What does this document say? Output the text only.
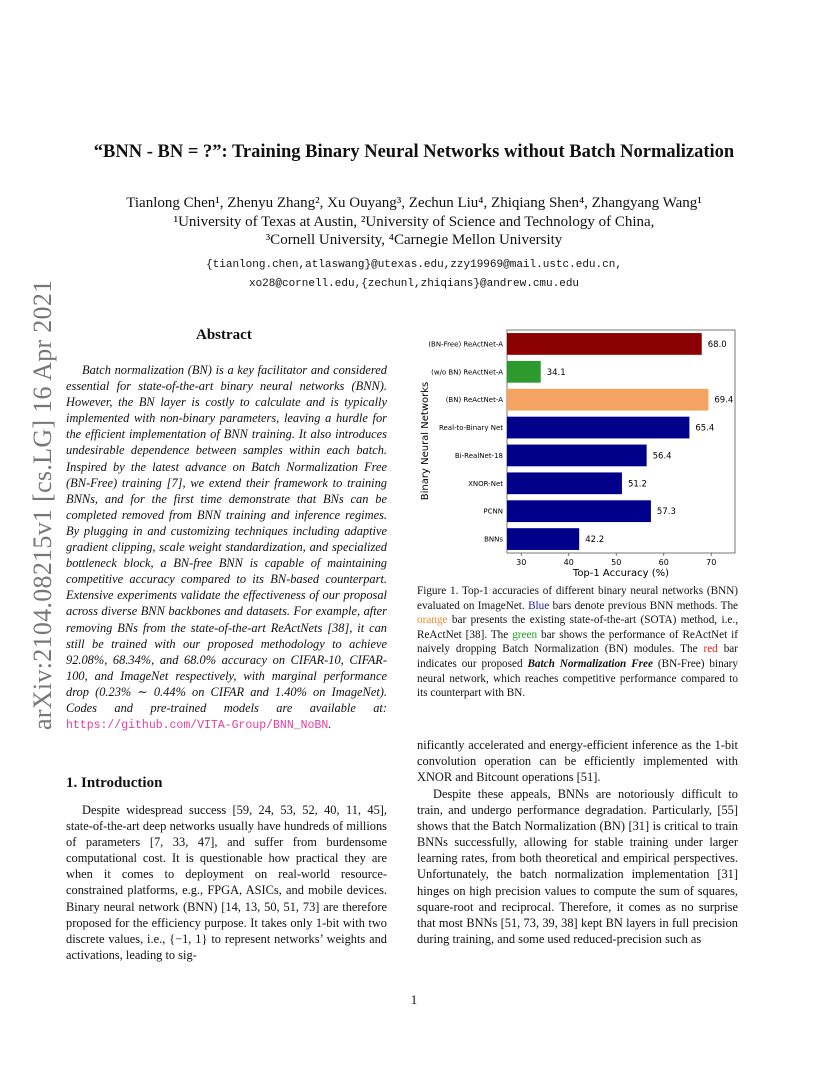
“BNN - BN = ?”: Training Binary Neural Networks without Batch Normalization
Tianlong Chen¹, Zhenyu Zhang², Xu Ouyang³, Zechun Liu⁴, Zhiqiang Shen⁴, Zhangyang Wang¹
¹University of Texas at Austin, ²University of Science and Technology of China,
³Cornell University, ⁴Carnegie Mellon University
{tianlong.chen,atlaswang}@utexas.edu,zzy19969@mail.ustc.edu.cn,
xo28@cornell.edu,{zechunl,zhiqians}@andrew.cmu.edu
arXiv:2104.08215v1 [cs.LG] 16 Apr 2021	Abstract
Batch normalization (BN) is a key facilitator and considered essential for state-of-the-art binary neural networks (BNN). However, the BN layer is costly to calculate and is typically implemented with non-binary parameters, leaving a hurdle for the efficient implementation of BNN training. It also introduces undesirable dependence between samples within each batch. Inspired by the latest advance on Batch Normalization Free (BN-Free) training [7], we extend their framework to training BNNs, and for the first time demonstrate that BNs can be completed removed from BNN training and inference regimes. By plugging in and customizing techniques including adaptive gradient clipping, scale weight standardization, and specialized bottleneck block, a BN-free BNN is capable of maintaining competitive accuracy compared to its BN-based counterpart. Extensive experiments validate the effectiveness of our proposal across diverse BNN backbones and datasets. For example, after removing BNs from the state-of-the-art ReActNets [38], it can still be trained with our proposed methodology to achieve 92.08%, 68.34%, and 68.0% accuracy on CIFAR-10, CIFAR-100, and ImageNet respectively, with marginal performance drop (0.23% ∼ 0.44% on CIFAR and 1.40% on ImageNet). Codes and pre-trained models are available at: https://github.com/VITA-Group/BNN_NoBN.
1. Introduction
Despite widespread success [59, 24, 53, 52, 40, 11, 45], state-of-the-art deep networks usually have hundreds of millions of parameters [7, 33, 47], and suffer from burdensome computational cost. It is questionable how practical they are when it comes to deployment on real-world resource-constrained platforms, e.g., FPGA, ASICs, and mobile devices. Binary neural network (BNN) [14, 13, 50, 51, 73] are therefore proposed for the efficiency purpose. It takes only 1-bit with two discrete values, i.e., {−1, 1} to represent networks’ weights and activations, leading to sig-
(BN-Free) ReActNet-A
(w/o BN) ReActNet-A
(BN) ReActNet-A
Real-to-Binary Net
Bi-RealNet-18
XNOR-Net
PCNN
BNNs
68.0
34.1
69.4
65.4
56.4
51.2
57.3
42.2
30	40	50	60	70
Top-1 Accuracy (%)
Binary Neural Networks
Figure 1. Top-1 accuracies of different binary neural networks (BNN) evaluated on ImageNet. Blue bars denote previous BNN methods. The orange bar presents the existing state-of-the-art (SOTA) method, i.e., ReActNet [38]. The green bar shows the performance of ReActNet if naively dropping Batch Normalization (BN) modules. The red bar indicates our proposed Batch Normalization Free (BN-Free) binary neural network, which reaches competitive performance compared to its counterpart with BN.
nificantly accelerated and energy-efficient inference as the 1-bit convolution operation can be efficiently implemented with XNOR and Bitcount operations [51].
Despite these appeals, BNNs are notoriously difficult to train, and undergo performance degradation. Particularly, [55] shows that the Batch Normalization (BN) [31] is critical to train BNNs successfully, allowing for stable training under larger learning rates, from both theoretical and empirical perspectives. Unfortunately, the batch normalization implementation [31] hinges on high precision values to compute the sum of squares, square-root and reciprocal. Therefore, it comes as no surprise that most BNNs [51, 73, 39, 38] kept BN layers in full precision during training, and some used reduced-precision such as
1
